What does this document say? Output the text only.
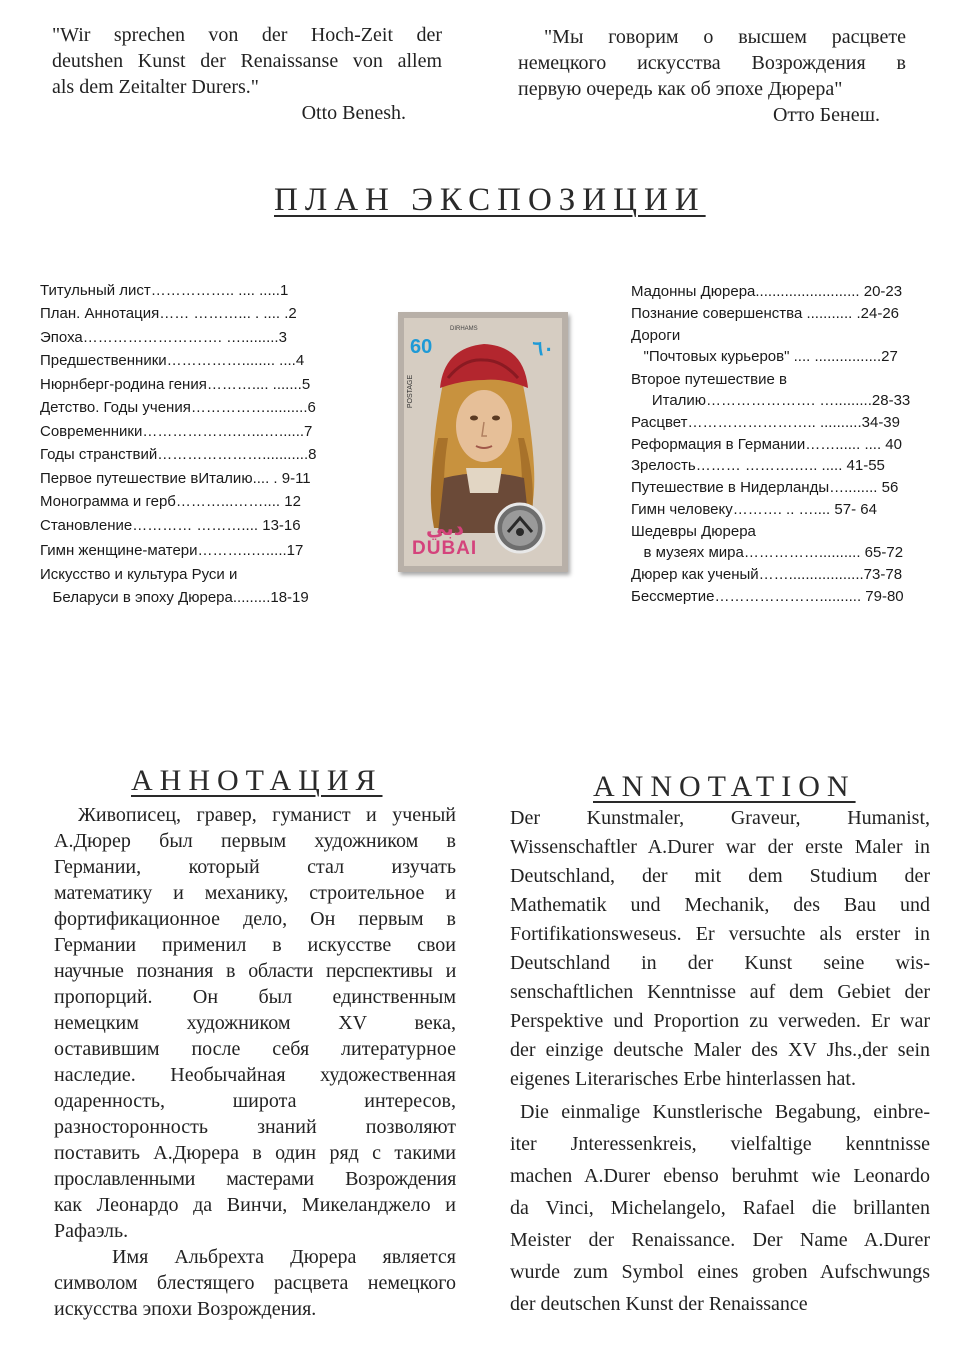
"Wir sprechen von der Hoch-Zeit der
deutshen Kunst der Renaissanse von allem
als dem Zeitalter Durers."
Otto Benesh.
"Мы говорим о высшем расцвете
немецкого искусства Возрождения в
первую очередь как об эпохе Дюрера"
Отто Бенеш.
ПЛАН ЭКСПОЗИЦИИ
Титульный лист…………….. .... .....1
План. Аннотация…… ………... . .... .2
Эпоха………………………. ….........3
Предшественники……………........ ....4
Нюрнберг-родина гения……….... .......5
Детство. Годы учения……………..........6
Современники……………….…...…......7
Годы странствий…………………...........8
Первое путешествие вИталию.... . 9-11
Монограмма и герб………...…….... 12
Становление………… ……….... 13-16
Гимн женщине-матери………..….....17
Искусство и культура Руси и
Беларуси в эпоху Дюрера.........18-19
60	٦٠
DIRHAMS
POSTAGE
دبي
DUBAI
Мадонны Дюрера......................... 20-23
Познание совершенства ........... .24-26
Дороги
"Почтовых курьеров" .... ................27
Второе путешествие в
Италию…………………. ….........28-33
Расцвет…………………….. ..........34-39
Реформация в Германии……...... .... 40
Зрелость……… ……….….. ..... 41-55
Путешествие в Нидерланды…........ 56
Гимн человеку………. .. ….... 57- 64
Шедевры Дюрера
в музеях мира…………….......... 65-72
Дюрер как ученый……..................73-78
Бессмертие………………….......... 79-80
АННОТАЦИЯ
Живописец, гравер, гуманист и ученый
А.Дюрер был первым художником в
Германии, который стал изучать
математику и механику, строительное и
фортификационное дело, Он первым в
Германии применил в искусстве свои
научные познания в области перспективы и
пропорций. Он был единственным
немецким художником XV века,
оставившим после себя литературное
наследие. Необычайная художественная
одаренность, широта интересов,
разносторонность знаний позволяют
поставить А.Дюрера в один ряд с такими
прославленными мастерами Возрождения
как Леонардо да Винчи, Микеланджело и
Рафаэль.
Имя Альбрехта Дюрера является
символом блестящего расцвета немецкого
искусства эпохи Возрождения.
ANNOTATION
Der Kunstmaler, Graveur, Humanist,
Wissenschaftler A.Durer war der erste Maler in
Deutschland, der mit dem Studium der
Mathematik und Mechanik, des Bau und
Fortifikationsweseus. Er versuchte als erster in
Deutschland in der Kunst seine wis-
senschaftlichen Kenntnisse auf dem Gebiet der
Perspektive und Proportion zu verweden. Er war
der einzige deutsche Maler des XV Jhs.,der sein
eigenes Literarisches Erbe hinterlassen hat.
Die einmalige Kunstlerische Begabung, einbre-
iter Jnteressenkreis, vielfaltige kenntnisse
machen A.Durer ebenso beruhmt wie Leonardo
da Vinci, Michelangelo, Rafael die brillanten
Meister der Renaissance. Der Name A.Durer
wurde zum Symbol eines groben Aufschwungs
der deutschen Kunst der Renaissance
